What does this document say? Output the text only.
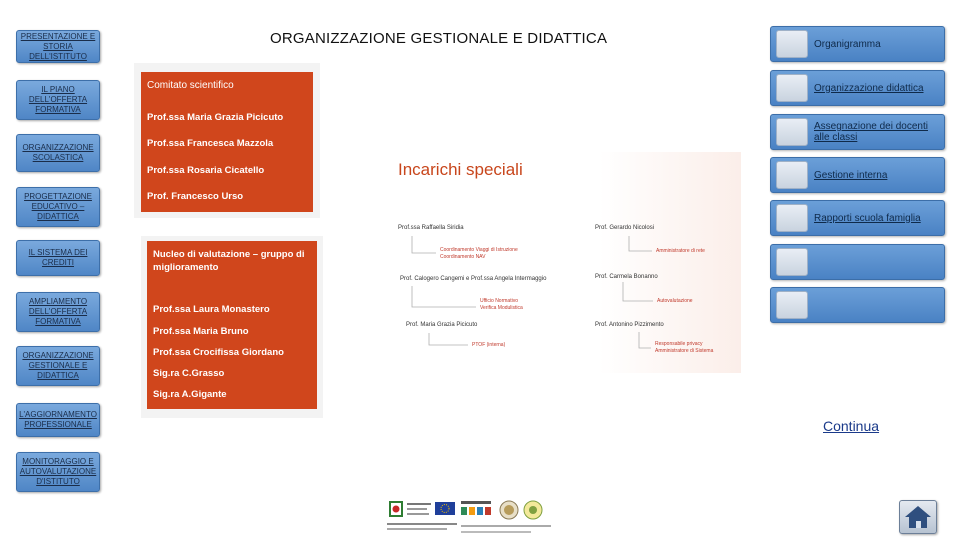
PRESENTAZIONE E STORIA DELL'ISTITUTO
IL PIANO DELL'OFFERTA FORMATIVA
ORGANIZZAZIONE SCOLASTICA
PROGETTAZIONE EDUCATIVO – DIDATTICA
IL SISTEMA DEI CREDITI
AMPLIAMENTO DELL'OFFERTA FORMATIVA
ORGANIZZAZIONE GESTIONALE E DIDATTICA
L'AGGIORNAMENTO PROFESSIONALE
MONITORAGGIO E AUTOVALUTAZIONE D'ISTITUTO
ORGANIZZAZIONE GESTIONALE E DIDATTICA
Comitato scientifico
Prof.ssa Maria Grazia Picicuto
Prof.ssa Francesca Mazzola
Prof.ssa Rosaria Cicatello
Prof. Francesco Urso
Nucleo di valutazione – gruppo di
miglioramento
Prof.ssa Laura Monastero
Prof.ssa Maria Bruno
Prof.ssa Crocifissa Giordano
Sig.ra C.Grasso
Sig.ra A.Gigante
Incarichi speciali
Prof.ssa Raffaella Siridia
Coordinamento Viaggi di Istruzione
Coordinamento NAV
Prof. Calogero Cangemi e Prof.ssa Angela Intermaggio
Ufficio Normativo
Verifica Modulistica
Prof. Maria Grazia Picicuto
PTOF (interna)
Prof. Gerardo Nicolosi
Amministratore di rete
Prof. Carmela Bonanno
Autovalutazione
Prof. Antonino Pizzimento
Responsabile privacy
Amministratore di Sistema
Organigramma
Organizzazione didattica
Assegnazione dei docenti alle classi
Gestione interna
Rapporti scuola famiglia
Continua
